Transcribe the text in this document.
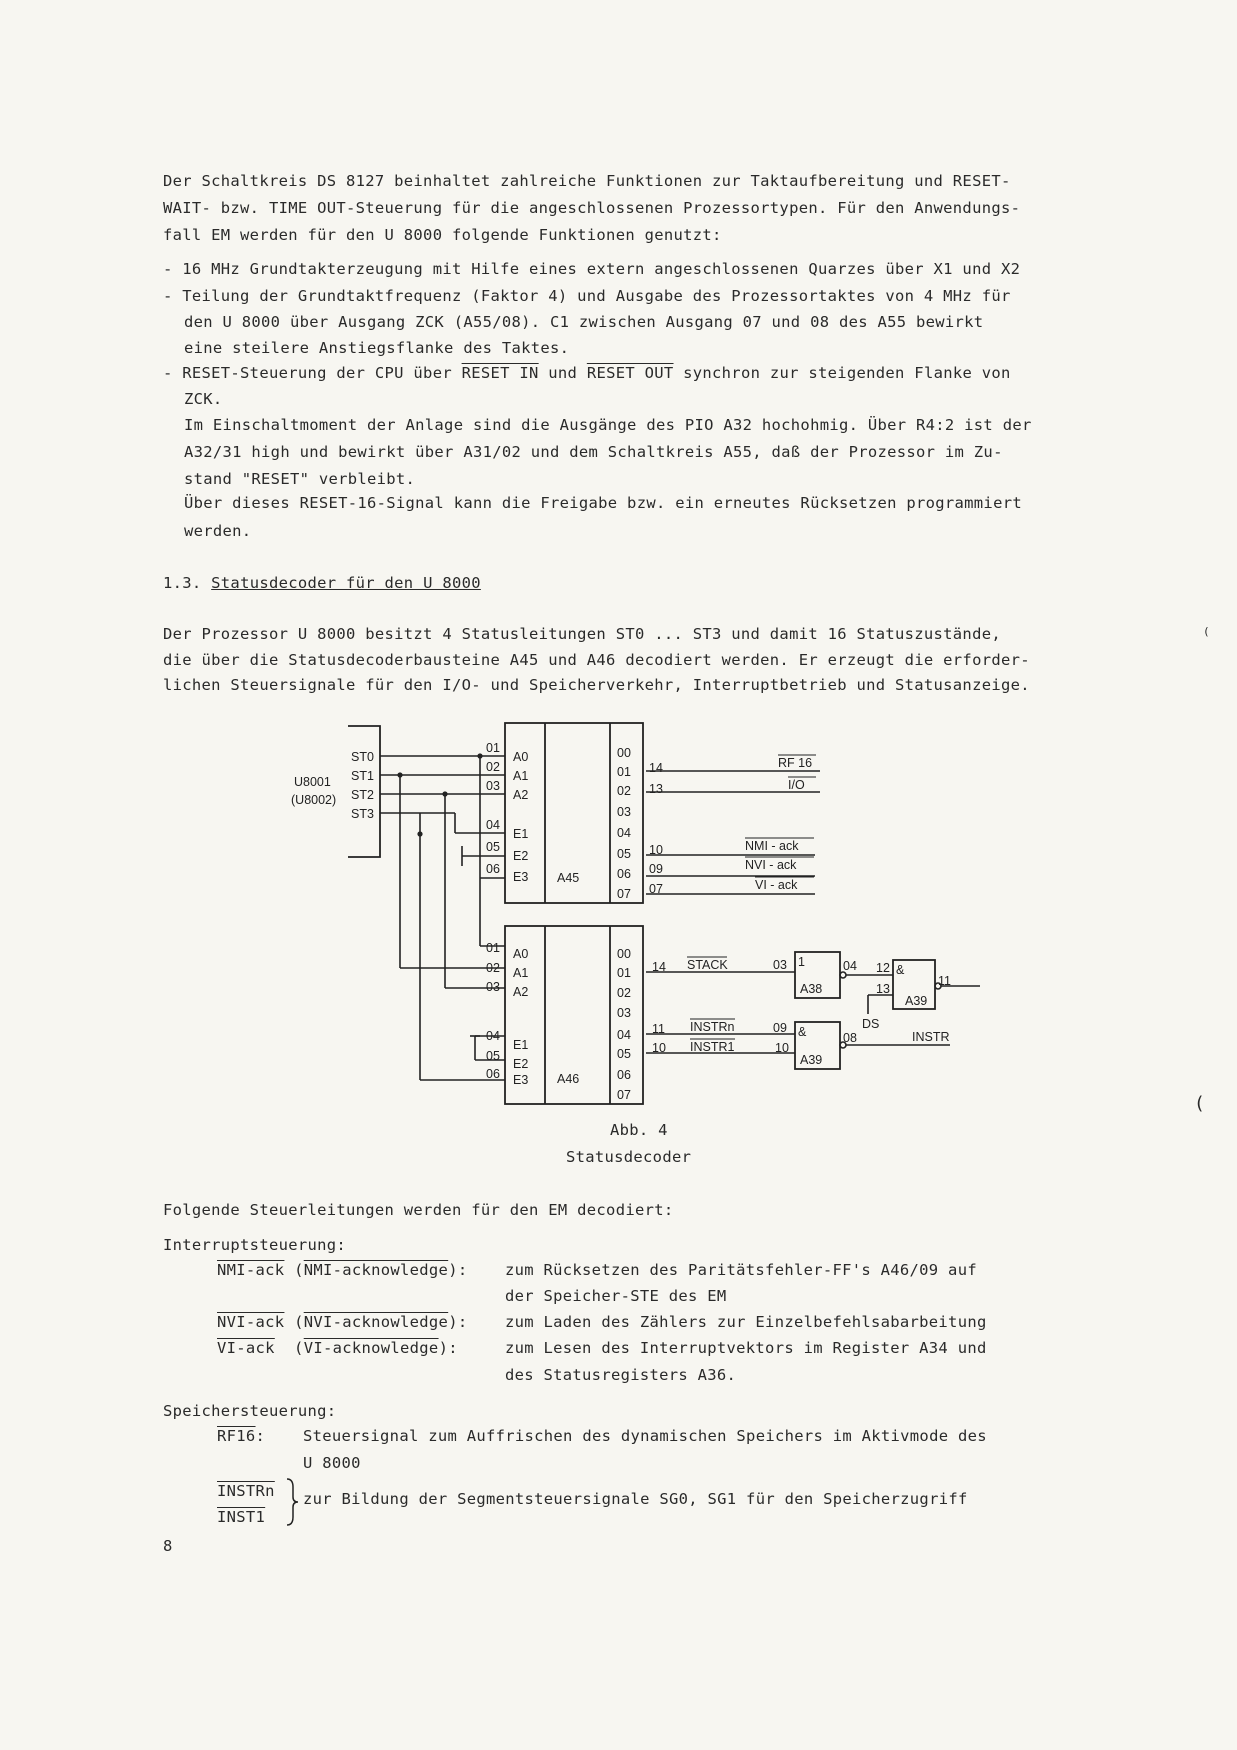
Der Schaltkreis DS 8127 beinhaltet zahlreiche Funktionen zur Taktaufbereitung und RESET-
WAIT- bzw. TIME OUT-Steuerung für die angeschlossenen Prozessortypen. Für den Anwendungs-
fall EM werden für den U 8000 folgende Funktionen genutzt:
- 16 MHz Grundtakterzeugung mit Hilfe eines extern angeschlossenen Quarzes über X1 und X2
- Teilung der Grundtaktfrequenz (Faktor 4) und Ausgabe des Prozessortaktes von 4 MHz für
den U 8000 über Ausgang ZCK (A55/08). C1 zwischen Ausgang 07 und 08 des A55 bewirkt
eine steilere Anstiegsflanke des Taktes.
- RESET-Steuerung der CPU über RESET IN und RESET OUT synchron zur steigenden Flanke von
ZCK.
Im Einschaltmoment der Anlage sind die Ausgänge des PIO A32 hochohmig. Über R4:2 ist der
A32/31 high und bewirkt über A31/02 und dem Schaltkreis A55, daß der Prozessor im Zu-
stand "RESET" verbleibt.
Über dieses RESET-16-Signal kann die Freigabe bzw. ein erneutes Rücksetzen programmiert
werden.
1.3. Statusdecoder für den U 8000
Der Prozessor U 8000 besitzt 4 Statusleitungen ST0 ... ST3 und damit 16 Statuszustände,
die über die Statusdecoderbausteine A45 und A46 decodiert werden. Er erzeugt die erforder-
lichen Steuersignale für den I/O- und Speicherverkehr, Interruptbetrieb und Statusanzeige.
U8001
(U8002)
ST0
ST1
ST2
ST3
A45
A0
A1
A2
E1
E2
E3
01
02
03
04
05
06
00
01
02
03
04
05
06
07
14
13
10
09
07
RF 16
I/O
NMI - ack
NVI - ack
VI - ack
A46
A0
A1
A2
E1
E2
E3
01
02
03
04
05
06
00
01
02
03
04
05
06
07
14
11
10
STACK
INSTRn
INSTR1
1
A38
03	04	&
A39
12
13
11
DS
&
A39
09
10
08	INSTR
Abb. 4
Statusdecoder
Folgende Steuerleitungen werden für den EM decodiert:
Interruptsteuerung:
NMI-ack (NMI-acknowledge): zum Rücksetzen des Paritätsfehler-FF's A46/09 auf
der Speicher-STE des EM
NVI-ack (NVI-acknowledge): zum Laden des Zählers zur Einzelbefehlsabarbeitung
VI-ack  (VI-acknowledge):	zum Lesen des Interruptvektors im Register A34 und
des Statusregisters A36.
Speichersteuerung:
RF16: Steuersignal zum Auffrischen des dynamischen Speichers im Aktivmode des
U 8000
INSTRn
INST1
zur Bildung der Segmentsteuersignale SG0, SG1 für den Speicherzugriff
8
(
(
